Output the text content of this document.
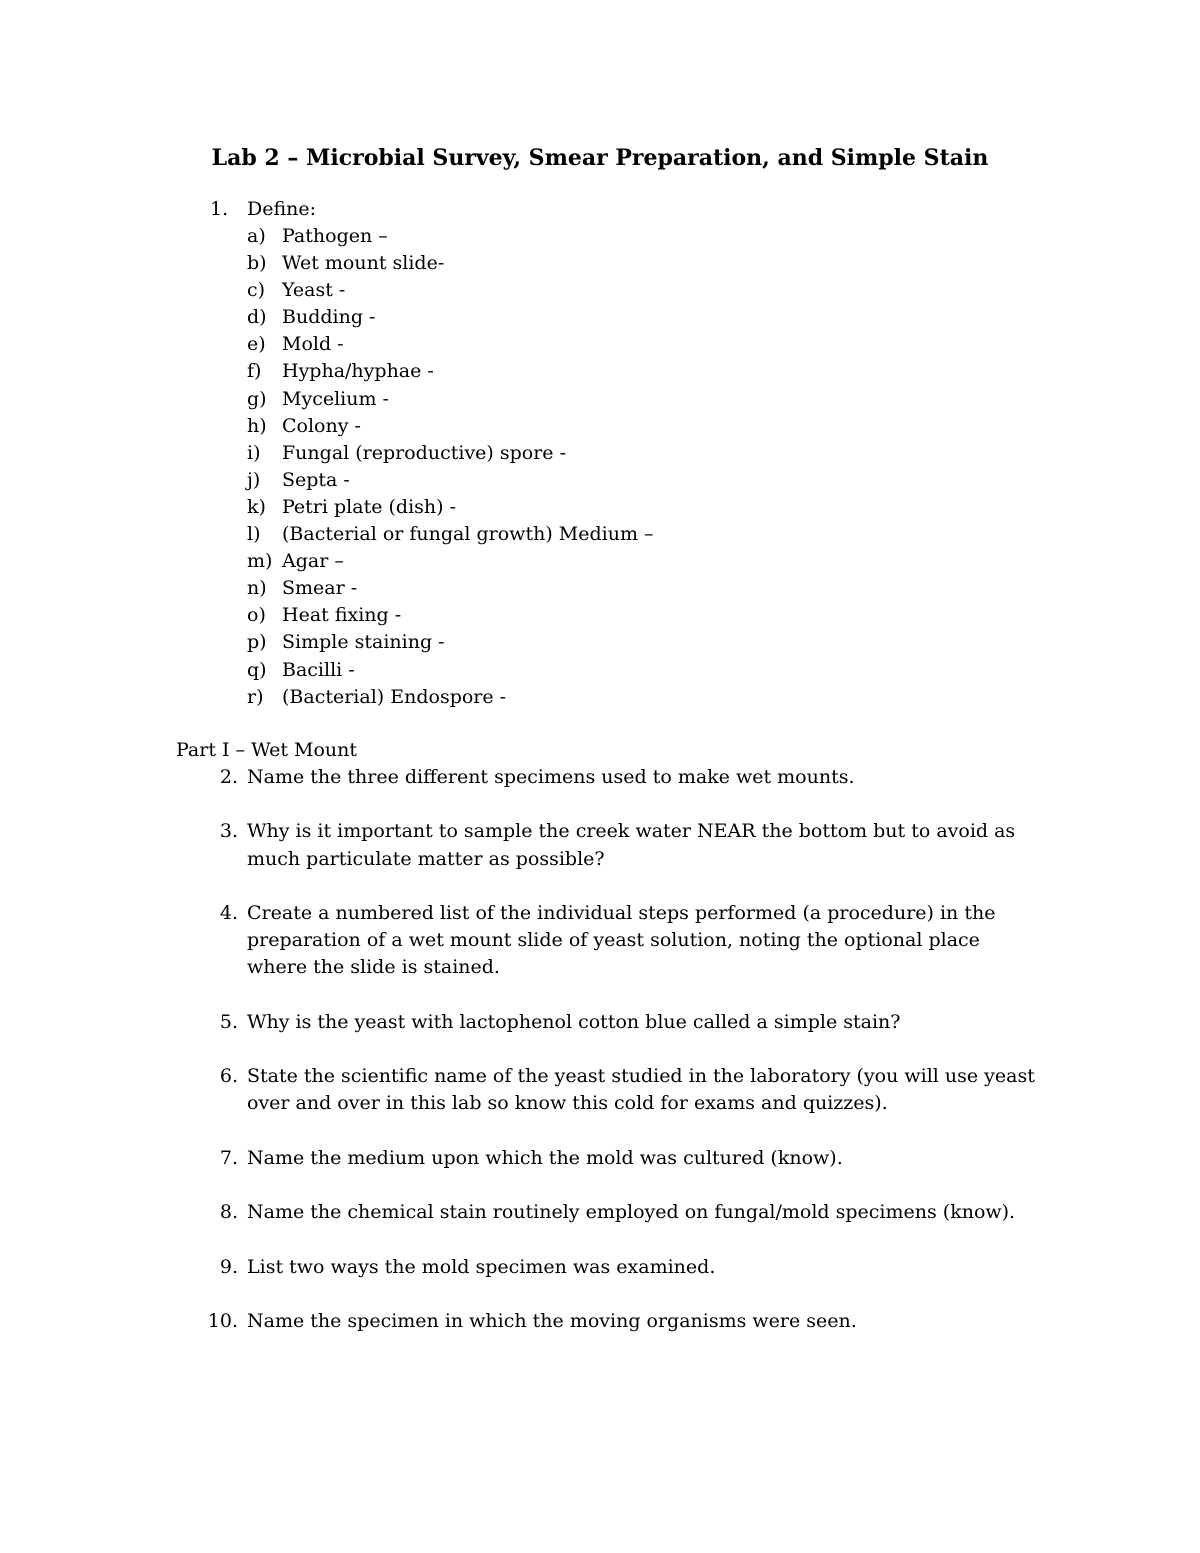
Lab 2 – Microbial Survey, Smear Preparation, and Simple Stain
1. Define:
a) Pathogen –
b) Wet mount slide-
c) Yeast -
d) Budding -
e) Mold -
f) Hypha/hyphae -
g) Mycelium -
h) Colony -
i) Fungal (reproductive) spore -
j) Septa -
k) Petri plate (dish) -
l) (Bacterial or fungal growth) Medium –
m) Agar –
n) Smear -
o) Heat fixing -
p) Simple staining -
q) Bacilli -
r) (Bacterial) Endospore -
Part I – Wet Mount
2. Name the three different specimens used to make wet mounts.
3. Why is it important to sample the creek water NEAR the bottom but to avoid as much particulate matter as possible?
4. Create a numbered list of the individual steps performed (a procedure) in the preparation of a wet mount slide of yeast solution, noting the optional place where the slide is stained.
5. Why is the yeast with lactophenol cotton blue called a simple stain?
6. State the scientific name of the yeast studied in the laboratory (you will use yeast over and over in this lab so know this cold for exams and quizzes).
7. Name the medium upon which the mold was cultured (know).
8. Name the chemical stain routinely employed on fungal/mold specimens (know).
9. List two ways the mold specimen was examined.
10. Name the specimen in which the moving organisms were seen.
